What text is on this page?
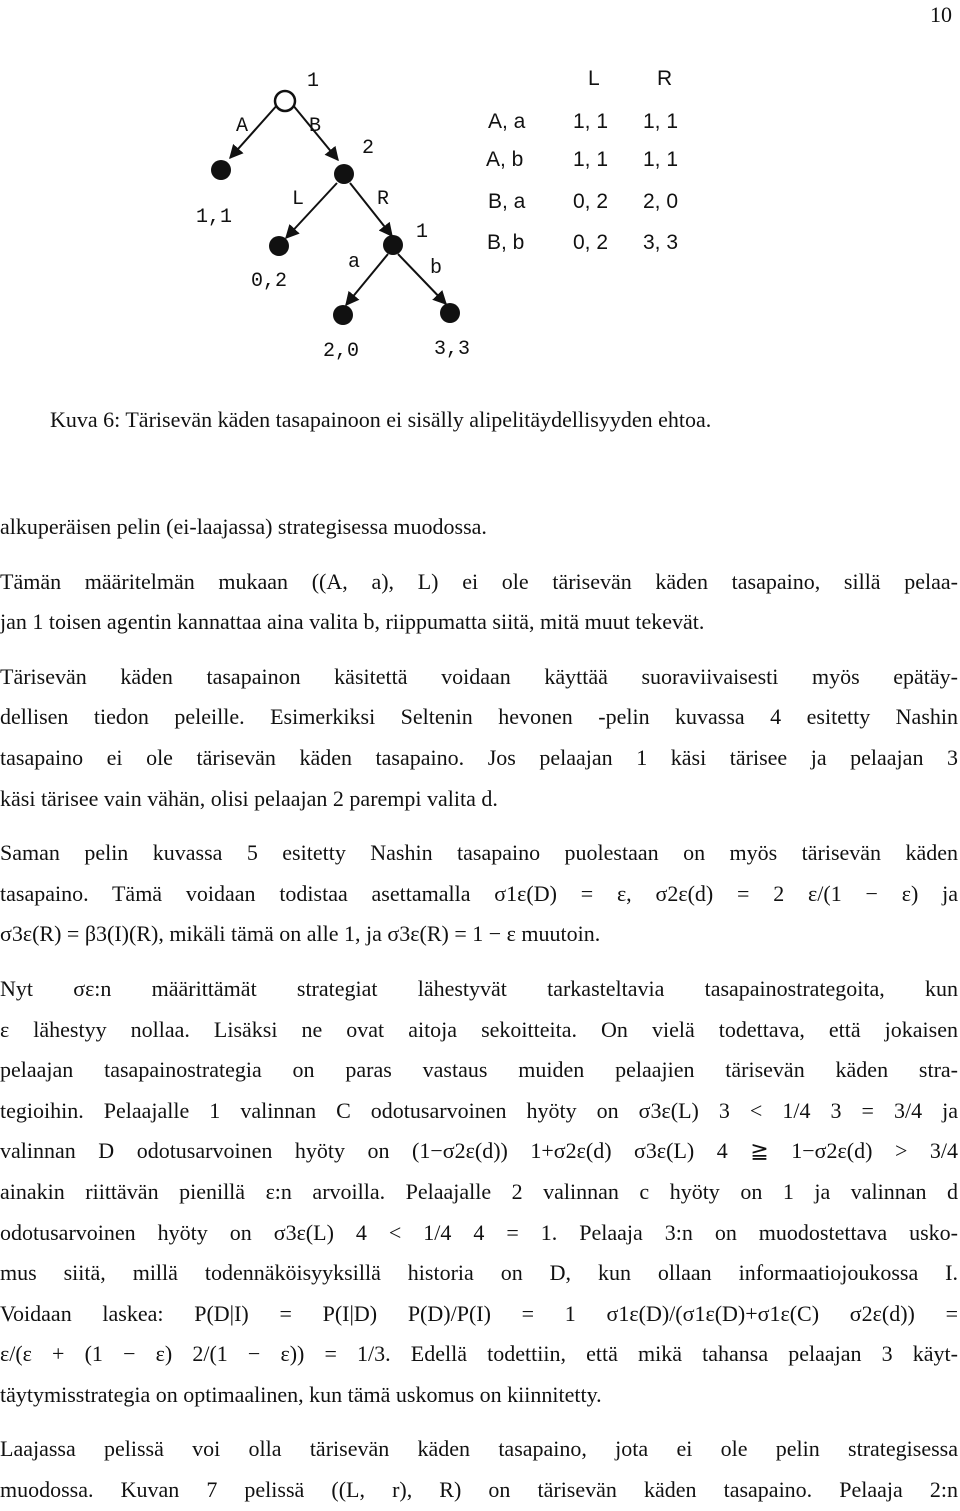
10
1
A	B
2
1,1
L	R
1
a	b
0,2
2,0	3,3
L	R
A, a 1, 1 1, 1
A, b 1, 1 1, 1
B, a 0, 2 2, 0
B, b 0, 2 3, 3
Kuva 6: Tärisevän käden tasapainoon ei sisälly alipelitäydellisyyden ehtoa.
alkuperäisen pelin (ei-laajassa) strategisessa muodossa.
Tämän määritelmän mukaan ((A, a), L) ei ole tärisevän käden tasapaino, sillä pelaa-
jan 1 toisen agentin kannattaa aina valita b, riippumatta siitä, mitä muut tekevät.
Tärisevän käden tasapainon käsitettä voidaan käyttää suoraviivaisesti myös epätäy-
dellisen tiedon peleille. Esimerkiksi Seltenin hevonen -pelin kuvassa 4 esitetty Nashin
tasapaino ei ole tärisevän käden tasapaino. Jos pelaajan 1 käsi tärisee ja pelaajan 3
käsi tärisee vain vähän, olisi pelaajan 2 parempi valita d.
Saman pelin kuvassa 5 esitetty Nashin tasapaino puolestaan on myös tärisevän käden
tasapaino. Tämä voidaan todistaa asettamalla σ1ε(D) = ε, σ2ε(d) = 2 ε/(1 − ε) ja
σ3ε(R) = β3(I)(R), mikäli tämä on alle 1, ja σ3ε(R) = 1 − ε muutoin.
Nyt σε:n määrittämät strategiat lähestyvät tarkasteltavia tasapainostrategoita, kun
ε lähestyy nollaa. Lisäksi ne ovat aitoja sekoitteita. On vielä todettava, että jokaisen
pelaajan tasapainostrategia on paras vastaus muiden pelaajien tärisevän käden stra-
tegioihin. Pelaajalle 1 valinnan C odotusarvoinen hyöty on σ3ε(L) 3 < 1/4 3 = 3/4 ja
valinnan D odotusarvoinen hyöty on (1−σ2ε(d)) 1+σ2ε(d) σ3ε(L) 4 ≧ 1−σ2ε(d) > 3/4
ainakin riittävän pienillä ε:n arvoilla. Pelaajalle 2 valinnan c hyöty on 1 ja valinnan d
odotusarvoinen hyöty on σ3ε(L) 4 < 1/4 4 = 1. Pelaaja 3:n on muodostettava usko-
mus siitä, millä todennäköisyyksillä historia on D, kun ollaan informaatiojoukossa I.
Voidaan laskea: P(D|I) = P(I|D) P(D)/P(I) = 1 σ1ε(D)/(σ1ε(D)+σ1ε(C) σ2ε(d)) =
ε/(ε + (1 − ε) 2/(1 − ε)) = 1/3. Edellä todettiin, että mikä tahansa pelaajan 3 käyt-
täytymisstrategia on optimaalinen, kun tämä uskomus on kiinnitetty.
Laajassa pelissä voi olla tärisevän käden tasapaino, jota ei ole pelin strategisessa
muodossa. Kuvan 7 pelissä ((L, r), R) on tärisevän käden tasapaino. Pelaaja 2:n
